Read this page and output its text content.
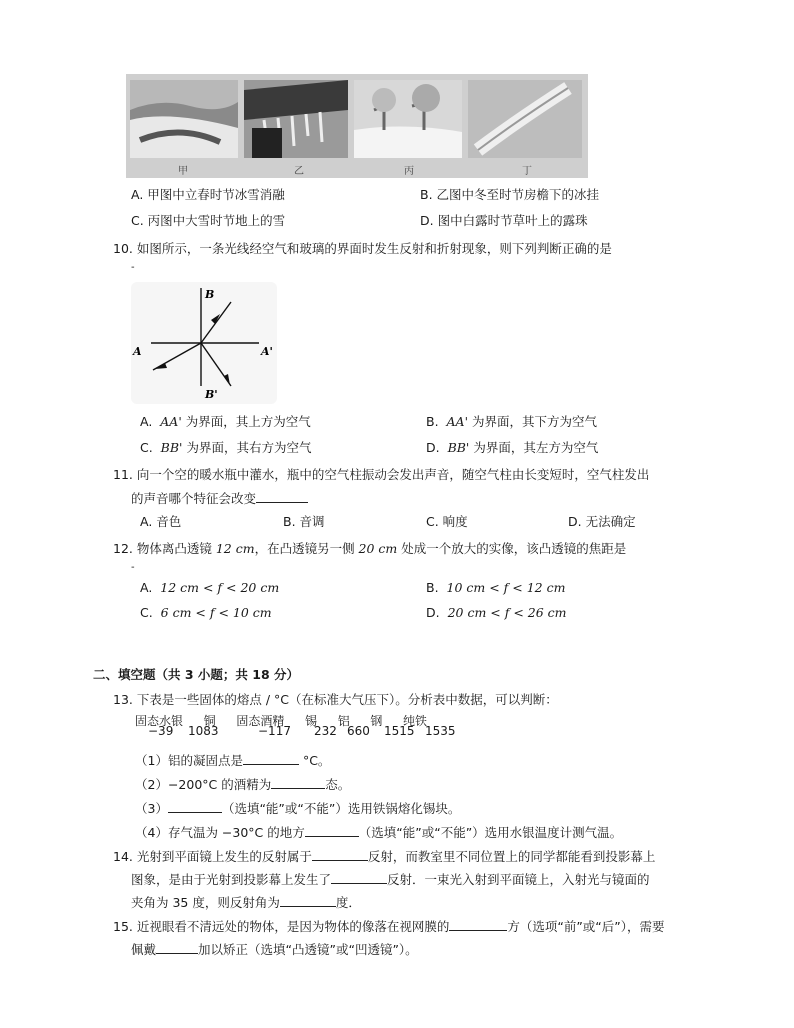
甲	乙	丙	丁
A. 甲图中立春时节冰雪消融	B. 乙图中冬至时节房檐下的冰挂
C. 丙图中大雪时节地上的雪	D. 图中白露时节草叶上的露珠
10. 如图所示，一条光线经空气和玻璃的界面时发生反射和折射现象，则下列判断正确的是
-
B
A	A'
B'
A. AA' 为界面，其上方为空气	B. AA' 为界面，其下方为空气
C. BB' 为界面，其右方为空气	D. BB' 为界面，其左方为空气
11. 向一个空的暖水瓶中灌水，瓶中的空气柱振动会发出声音，随空气柱由长变短时，空气柱发出
的声音哪个特征会改变
A. 音色	B. 音调	C. 响度	D. 无法确定
12. 物体离凸透镜 12 cm，在凸透镜另一侧 20 cm 处成一个放大的实像，该凸透镜的焦距是
-
A. 12 cm < f < 20 cm	B. 10 cm < f < 12 cm
C. 6 cm < f < 10 cm	D. 20 cm < f < 26 cm
二、填空题（共 3 小题；共 18 分）
13. 下表是一些固体的熔点 / °C（在标准大气压下）。分析表中数据，可以判断：
固态水银 铜 固态酒精 锡 铝 钢 纯铁
−39 1083	−117 232 660 1515 1535
（1）铝的凝固点是	°C。
（2）−200°C 的酒精为	态。
（3）	（选填“能”或“不能”）选用铁锅熔化锡块。
（4）存气温为 −30°C 的地方	（选填“能”或“不能”）选用水银温度计测气温。
14. 光射到平面镜上发生的反射属于	反射，而教室里不同位置上的同学都能看到投影幕上
图象，是由于光射到投影幕上发生了	反射．一束光入射到平面镜上，入射光与镜面的
夹角为 35 度，则反射角为	度．
15. 近视眼看不清远处的物体，是因为物体的像落在视网膜的	方（选项“前”或“后”），需要
佩戴	加以矫正（选填“凸透镜”或“凹透镜”）。
